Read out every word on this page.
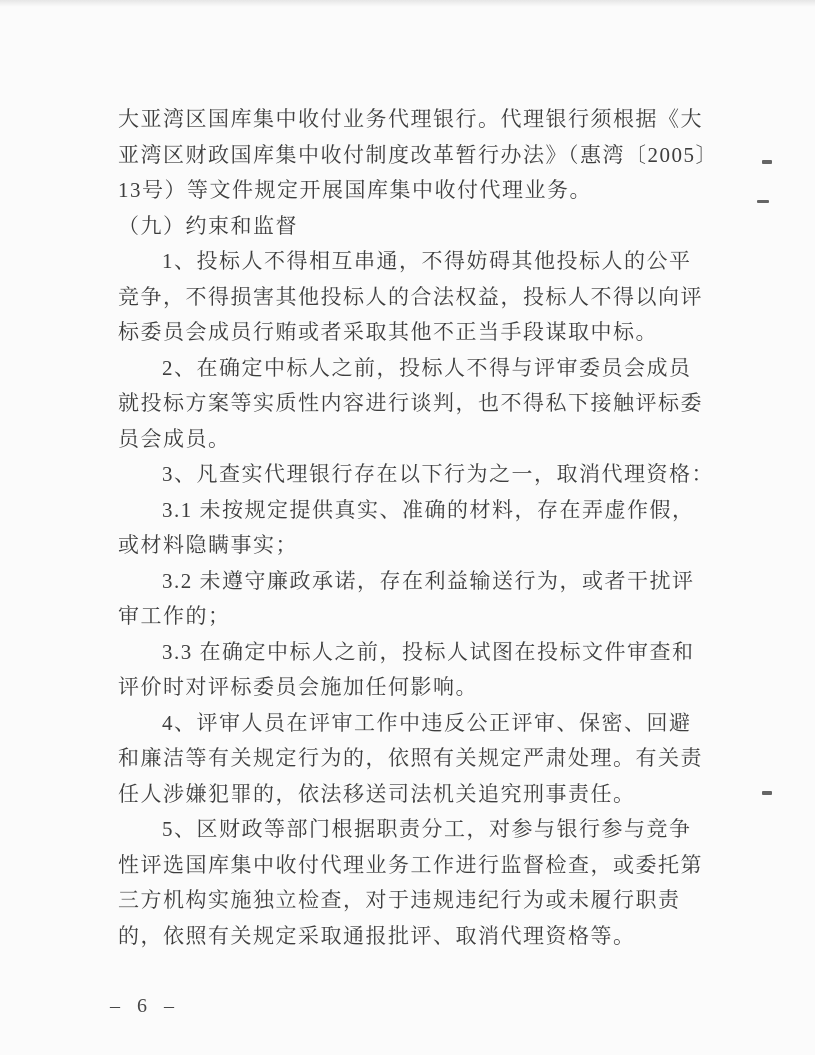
大亚湾区国库集中收付业务代理银行。代理银行须根据《大
亚湾区财政国库集中收付制度改革暂行办法》（惠湾〔2005〕
13号）等文件规定开展国库集中收付代理业务。
（九）约束和监督
1、投标人不得相互串通，不得妨碍其他投标人的公平
竞争，不得损害其他投标人的合法权益，投标人不得以向评
标委员会成员行贿或者采取其他不正当手段谋取中标。
2、在确定中标人之前，投标人不得与评审委员会成员
就投标方案等实质性内容进行谈判，也不得私下接触评标委
员会成员。
3、凡查实代理银行存在以下行为之一，取消代理资格：
3.1 未按规定提供真实、准确的材料，存在弄虚作假，
或材料隐瞒事实；
3.2 未遵守廉政承诺，存在利益输送行为，或者干扰评
审工作的；
3.3 在确定中标人之前，投标人试图在投标文件审查和
评价时对评标委员会施加任何影响。
4、评审人员在评审工作中违反公正评审、保密、回避
和廉洁等有关规定行为的，依照有关规定严肃处理。有关责
任人涉嫌犯罪的，依法移送司法机关追究刑事责任。
5、区财政等部门根据职责分工，对参与银行参与竞争
性评选国库集中收付代理业务工作进行监督检查，或委托第
三方机构实施独立检查，对于违规违纪行为或未履行职责
的，依照有关规定采取通报批评、取消代理资格等。
– 6 –
